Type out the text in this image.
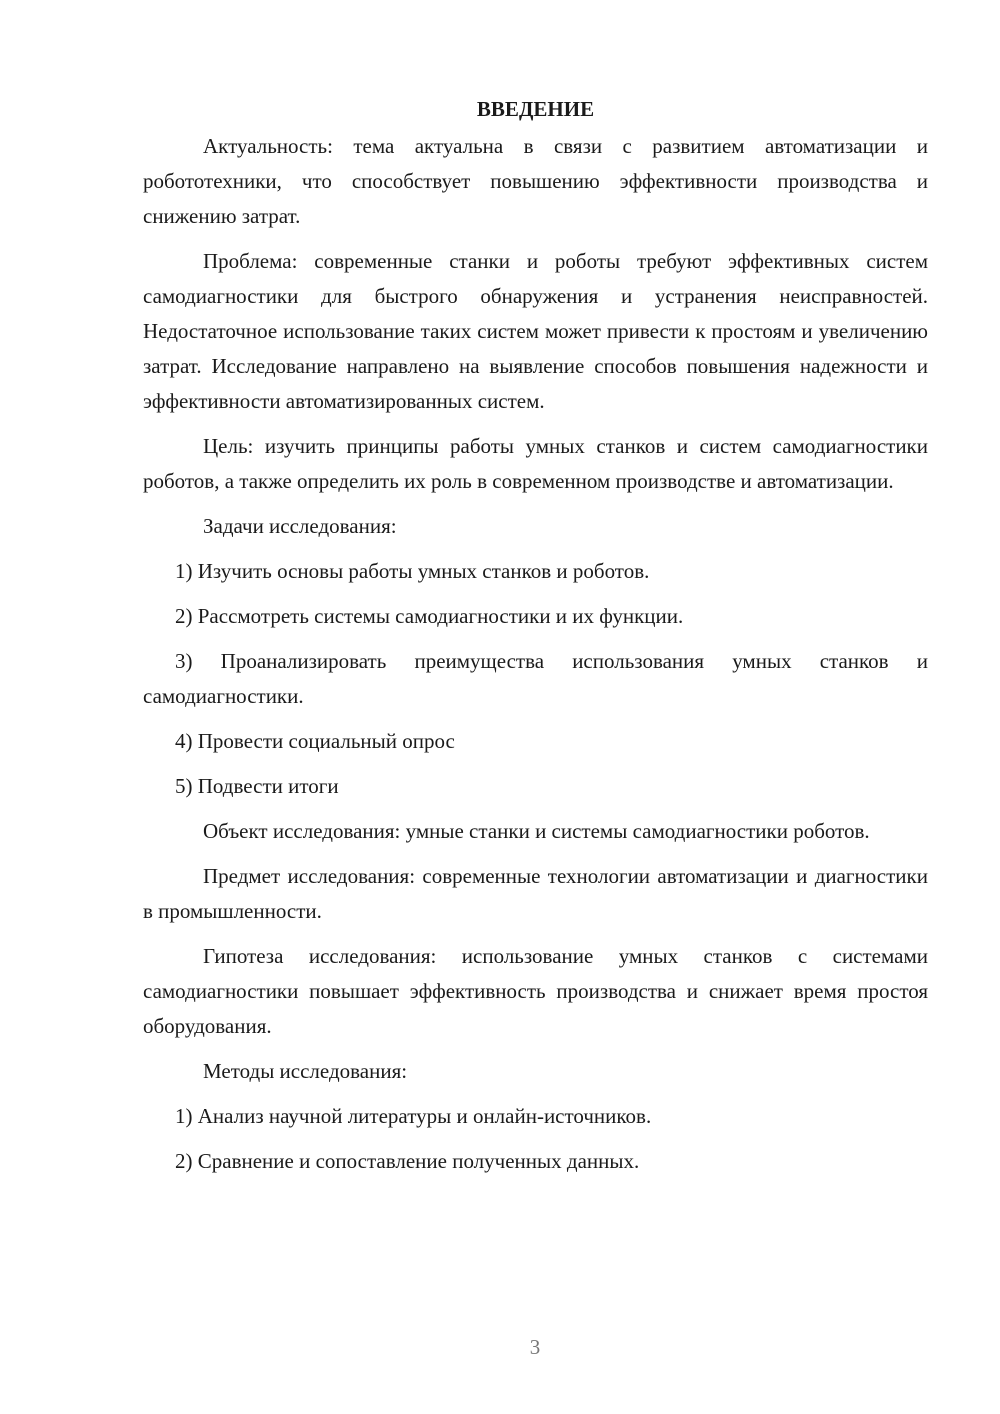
ВВЕДЕНИЕ

Актуальность: тема актуальна в связи с развитием автоматизации и робототехники, что способствует повышению эффективности производства и снижению затрат.

Проблема: современные станки и роботы требуют эффективных систем самодиагностики для быстрого обнаружения и устранения неисправностей. Недостаточное использование таких систем может привести к простоям и увеличению затрат. Исследование направлено на выявление способов повышения надежности и эффективности автоматизированных систем.

Цель: изучить принципы работы умных станков и систем самодиагностики роботов, а также определить их роль в современном производстве и автоматизации.

Задачи исследования:

1) Изучить основы работы умных станков и роботов.

2) Рассмотреть системы самодиагностики и их функции.

3) Проанализировать преимущества использования умных станков и самодиагностики.

4) Провести социальный опрос

5) Подвести итоги

Объект исследования: умные станки и системы самодиагностики роботов.

Предмет исследования: современные технологии автоматизации и диагностики в промышленности.

Гипотеза исследования: использование умных станков с системами самодиагностики повышает эффективность производства и снижает время простоя оборудования.

Методы исследования:

1) Анализ научной литературы и онлайн-источников.

2) Сравнение и сопоставление полученных данных.

3
